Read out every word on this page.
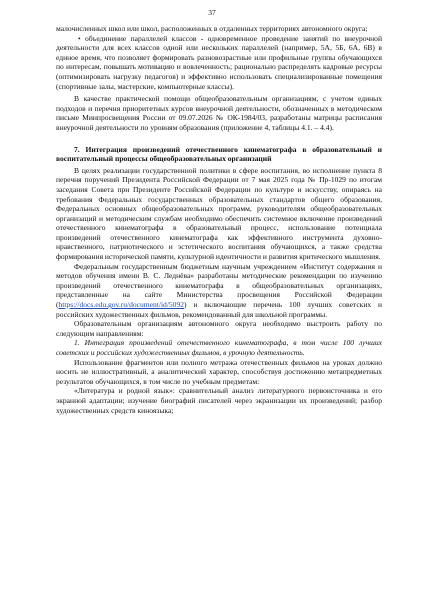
37

малочисленных школ или школ, расположенных в отдаленных территориях автономного округа;

• объединение параллелей классов - одновременное проведение занятий по внеурочной деятельности для всех классов одной или нескольких параллелей (например, 5А, 5Б, 6А, 6В) в единое время, что позволяет формировать разновозрастные или профильные группы обучающихся по интересам, повышать мотивацию и вовлеченность; рационально распределять кадровые ресурсы (оптимизировать нагрузку педагогов) и эффективно использовать специализированные помещения (спортивные залы, мастерские, компьютерные классы).

В качестве практической помощи общеобразовательным организациям, с учетом единых подходов и перечня приоритетных курсов внеурочной деятельности, обозначенных в методическом письме Минпросвещения России от 09.07.2026 № ОК-1984/03, разработаны матрицы расписания внеурочной деятельности по уровням образования (приложение 4, таблицы 4.1. – 4.4).

7. Интеграция произведений отечественного кинематографа в образовательный и воспитательный процессы общеобразовательных организаций

В целях реализации государственной политики в сфере воспитания, во исполнение пункта 8 перечня поручений Президента Российской Федерации от 7 мая 2025 года № Пр-1029 по итогам заседания Совета при Президенте Российской Федерации по культуре и искусству, опираясь на требования Федеральных государственных образовательных стандартов общего образования, Федеральных основных общеобразовательных программ, руководителям общеобразовательных организаций и методическим службам необходимо обеспечить системное включение произведений отечественного кинематографа в образовательный процесс, использование потенциала произведений отечественного кинематографа как эффективного инструмента духовно-нравственного, патриотического и эстетического воспитания обучающихся, а также средства формирования исторической памяти, культурной идентичности и развития критического мышления.

Федеральным государственным бюджетным научным учреждением «Институт содержания и методов обучения имени В. С. Леднёва» разработаны методические рекомендации по изучению произведений отечественного кинематографа в общеобразовательных организациях, представленные на сайте Министерства просвещения Российской Федерации (https://docs.edu.gov.ru/document/id/5092) и включающие перечень 100 лучших советских и российских художественных фильмов, рекомендованный для школьной программы.

Образовательным организациям автономного округа необходимо выстроить работу по следующим направлениям:

1. Интеграция произведений отечественного кинематографа, в том числе 100 лучших советских и российских художественных фильмов, в урочную деятельность.

Использование фрагментов или полного метража отечественных фильмов на уроках должно носить не иллюстративный, а аналитический характер, способствуя достижению метапредметных результатов обучающихся, в том числе по учебным предметам:

«Литература и родной язык»: сравнительный анализ литературного первоисточника и его экранной адаптации; изучение биографий писателей через экранизации их произведений; разбор художественных средств киноязыка;
